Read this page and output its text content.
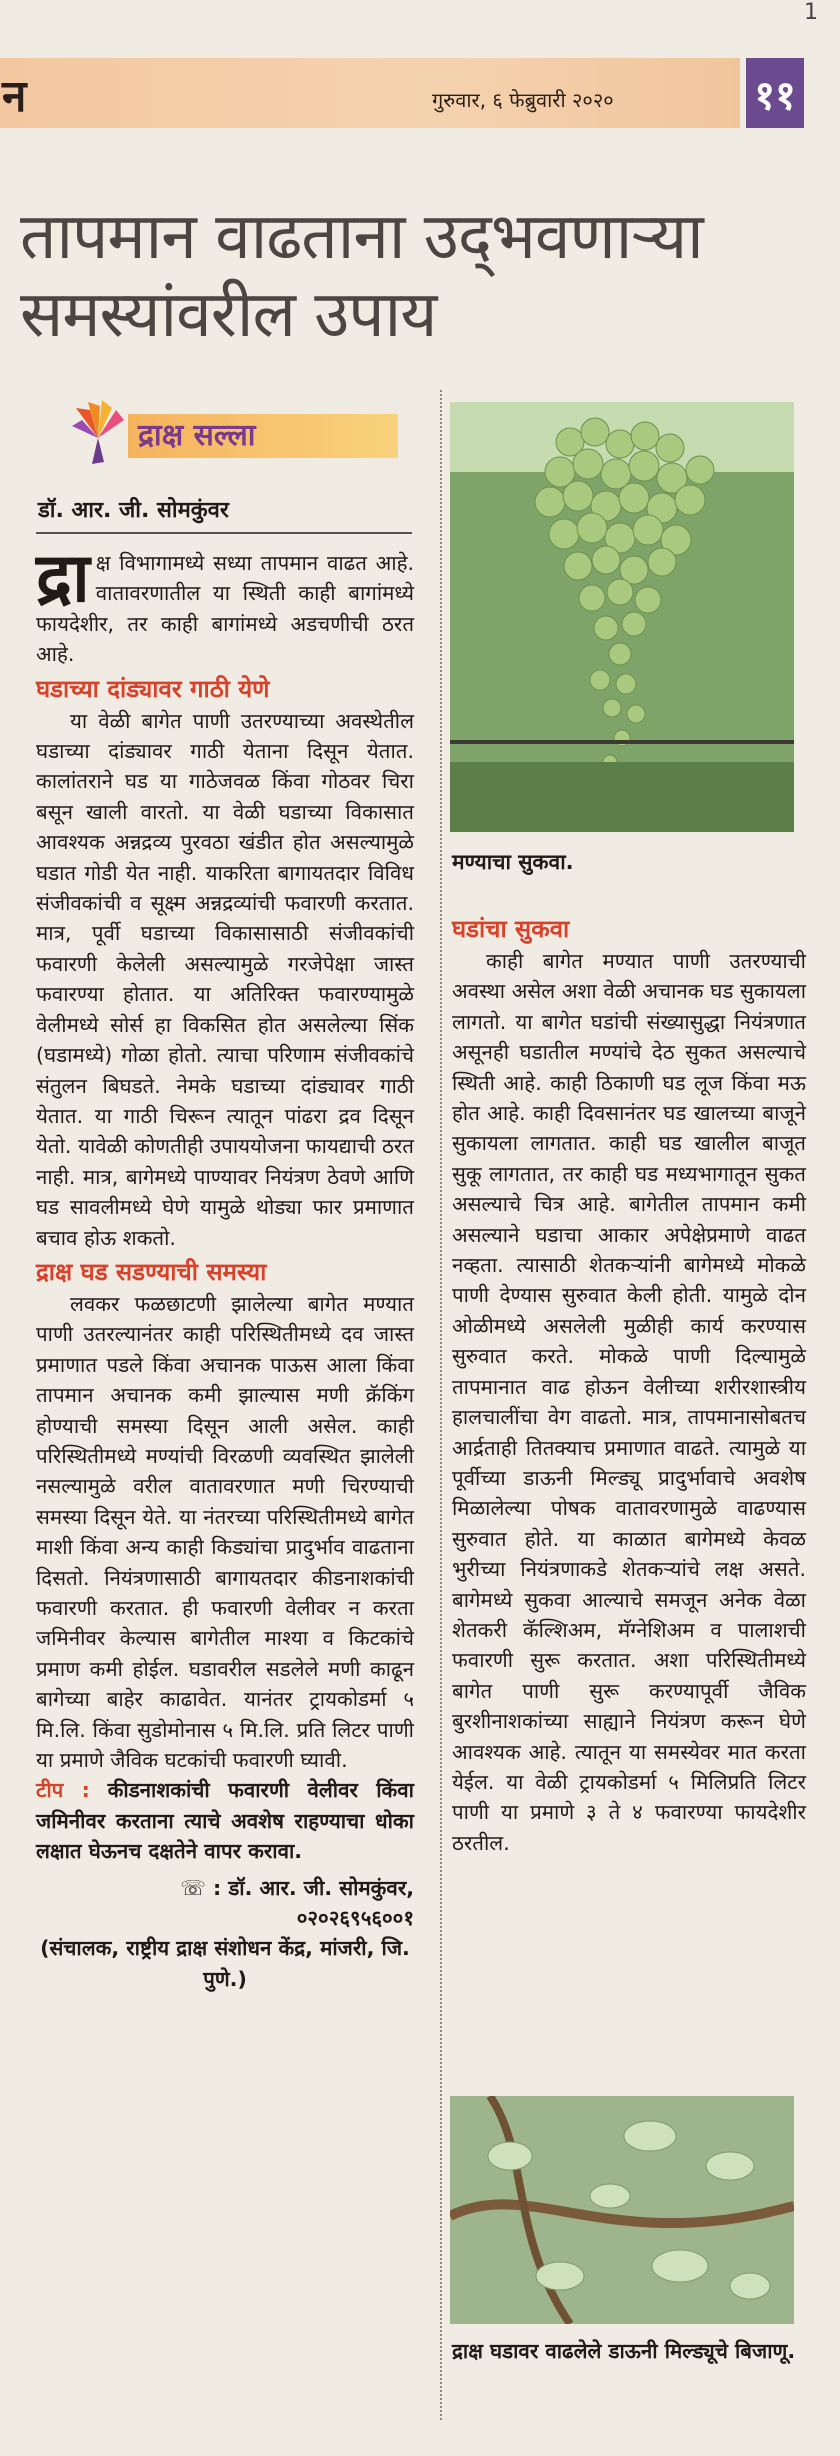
न	गुरुवार, ६ फेब्रुवारी २०२०	११
1
तापमान वाढताना उद्‌भवणाऱ्या समस्यांवरील उपाय
द्राक्ष सल्ला
डॉ. आर. जी. सोमकुंवर

द्रा क्ष विभागामध्ये सध्या तापमान वाढत आहे. वातावरणातील या स्थिती काही बागांमध्ये फायदेशीर, तर काही बागांमध्ये अडचणीची ठरत आहे.

घडाच्या दांड्यावर गाठी येणे

या वेळी बागेत पाणी उतरण्याच्या अवस्थेतील घडाच्या दांड्यावर गाठी येताना दिसून येतात. कालांतराने घड या गाठेजवळ किंवा गोठवर चिरा बसून खाली वारतो. या वेळी घडाच्या विकासात आवश्यक अन्नद्रव्य पुरवठा खंडीत होत असल्यामुळे घडात गोडी येत नाही. याकरिता बागायतदार विविध संजीवकांची व सूक्ष्म अन्नद्रव्यांची फवारणी करतात. मात्र, पूर्वी घडाच्या विकासासाठी संजीवकांची फवारणी केलेली असल्यामुळे गरजेपेक्षा जास्त फवारण्या होतात. या अतिरिक्त फवारण्यामुळे वेलीमध्ये सोर्स हा विकसित होत असलेल्या सिंक (घडामध्ये) गोळा होतो. त्याचा परिणाम संजीवकांचे संतुलन बिघडते. नेमके घडाच्या दांड्यावर गाठी येतात. या गाठी चिरून त्यातून पांढरा द्रव दिसून येतो. यावेळी कोणतीही उपाययोजना फायद्याची ठरत नाही. मात्र, बागेमध्ये पाण्यावर नियंत्रण ठेवणे आणि घड सावलीमध्ये घेणे यामुळे थोड्या फार प्रमाणात बचाव होऊ शकतो.

द्राक्ष घड सडण्याची समस्या

लवकर फळछाटणी झालेल्या बागेत मण्यात पाणी उतरल्यानंतर काही परिस्थितीमध्ये दव जास्त प्रमाणात पडले किंवा अचानक पाऊस आला किंवा तापमान अचानक कमी झाल्यास मणी क्रॅकिंग होण्याची समस्या दिसून आली असेल. काही परिस्थितीमध्ये मण्यांची विरळणी व्यवस्थित झालेली नसल्यामुळे वरील वातावरणात मणी चिरण्याची समस्या दिसून येते. या नंतरच्या परिस्थितीमध्ये बागेत माशी किंवा अन्य काही किड्यांचा प्रादुर्भाव वाढताना दिसतो. नियंत्रणासाठी बागायतदार कीडनाशकांची फवारणी करतात. ही फवारणी वेलीवर न करता जमिनीवर केल्यास बागेतील माश्या व किटकांचे प्रमाण कमी होईल. घडावरील सडलेले मणी काढून बागेच्या बाहेर काढावेत. यानंतर ट्रायकोडर्मा ५ मि.लि. किंवा सुडोमोनास ५ मि.लि. प्रति लिटर पाणी या प्रमाणे जैविक घटकांची फवारणी घ्यावी.

टीप : कीडनाशकांची फवारणी वेलीवर किंवा जमिनीवर करताना त्याचे अवशेष राहण्याचा धोका लक्षात घेऊनच दक्षतेने वापर करावा.

☏ : डॉ. आर. जी. सोमकुंवर,

०२०२६९५६००१

(संचालक, राष्ट्रीय द्राक्ष संशोधन केंद्र, मांजरी, जि. पुणे.)

मण्याचा सुकवा.
घडांचा सुकवा

काही बागेत मण्यात पाणी उतरण्याची अवस्था असेल अशा वेळी अचानक घड सुकायला लागतो. या बागेत घडांची संख्यासुद्धा नियंत्रणात असूनही घडातील मण्यांचे देठ सुकत असल्याचे स्थिती आहे. काही ठिकाणी घड लूज किंवा मऊ होत आहे. काही दिवसानंतर घड खालच्या बाजूने सुकायला लागतात. काही घड खालील बाजूत सुकू लागतात, तर काही घड मध्यभागातून सुकत असल्याचे चित्र आहे. बागेतील तापमान कमी असल्याने घडाचा आकार अपेक्षेप्रमाणे वाढत नव्हता. त्यासाठी शेतकऱ्यांनी बागेमध्ये मोकळे पाणी देण्यास सुरुवात केली होती. यामुळे दोन ओळीमध्ये असलेली मुळीही कार्य करण्यास सुरुवात करते. मोकळे पाणी दिल्यामुळे तापमानात वाढ होऊन वेलीच्या शरीरशास्त्रीय हालचालींचा वेग वाढतो. मात्र, तापमानासोबतच आर्द्रताही तितक्याच प्रमाणात वाढते. त्यामुळे या पूर्वीच्या डाऊनी मिल्ड्यू प्रादुर्भावाचे अवशेष मिळालेल्या पोषक वातावरणामुळे वाढण्यास सुरुवात होते. या काळात बागेमध्ये केवळ भुरीच्या नियंत्रणाकडे शेतकऱ्यांचे लक्ष असते. बागेमध्ये सुकवा आल्याचे समजून अनेक वेळा शेतकरी कॅल्शिअम, मॅग्नेशिअम व पालाशची फवारणी सुरू करतात. अशा परिस्थितीमध्ये बागेत पाणी सुरू करण्यापूर्वी जैविक बुरशीनाशकांच्या साह्याने नियंत्रण करून घेणे आवश्यक आहे. त्यातून या समस्येवर मात करता येईल. या वेळी ट्रायकोडर्मा ५ मिलिप्रति लिटर पाणी या प्रमाणे ३ ते ४ फवारण्या फायदेशीर ठरतील.

द्राक्ष घडावर वाढलेले डाऊनी मिल्ड्यूचे बिजाणू.
